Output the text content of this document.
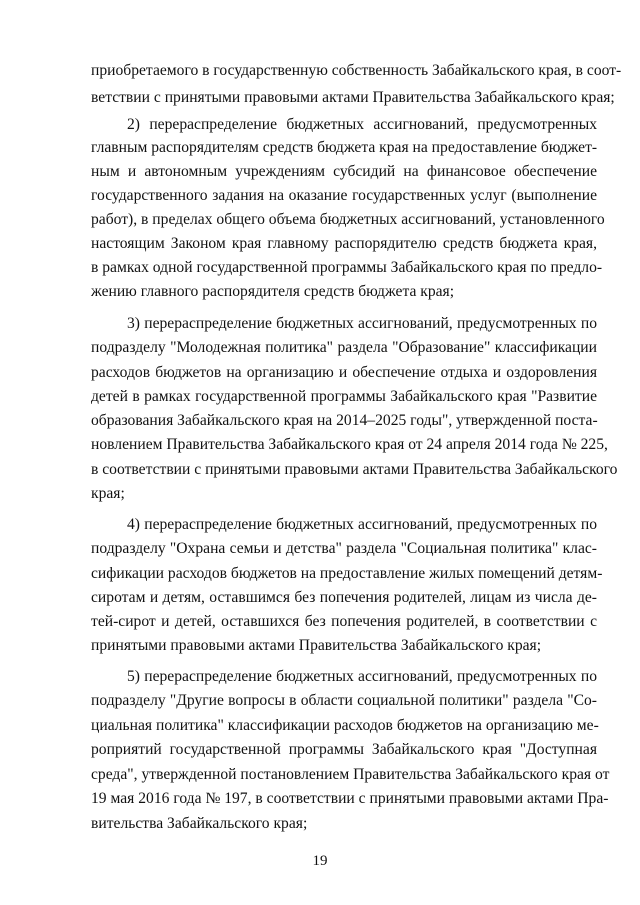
приобретаемого в государственную собственность Забайкальского края, в соот-
ветствии с принятыми правовыми актами Правительства Забайкальского края;
2) перераспределение бюджетных ассигнований, предусмотренных
главным распорядителям средств бюджета края на предоставление бюджет-
ным и автономным учреждениям субсидий на финансовое обеспечение
государственного задания на оказание государственных услуг (выполнение
работ), в пределах общего объема бюджетных ассигнований, установленного
настоящим Законом края главному распорядителю средств бюджета края,
в рамках одной государственной программы Забайкальского края по предло-
жению главного распорядителя средств бюджета края;
3) перераспределение бюджетных ассигнований, предусмотренных по
подразделу "Молодежная политика" раздела "Образование" классификации
расходов бюджетов на организацию и обеспечение отдыха и оздоровления
детей в рамках государственной программы Забайкальского края "Развитие
образования Забайкальского края на 2014–2025 годы", утвержденной поста-
новлением Правительства Забайкальского края от 24 апреля 2014 года № 225,
в соответствии с принятыми правовыми актами Правительства Забайкальского
края;
4) перераспределение бюджетных ассигнований, предусмотренных по
подразделу "Охрана семьи и детства" раздела "Социальная политика" клас-
сификации расходов бюджетов на предоставление жилых помещений детям-
сиротам и детям, оставшимся без попечения родителей, лицам из числа де-
тей-сирот и детей, оставшихся без попечения родителей, в соответствии с
принятыми правовыми актами Правительства Забайкальского края;
5) перераспределение бюджетных ассигнований, предусмотренных по
подразделу "Другие вопросы в области социальной политики" раздела "Со-
циальная политика" классификации расходов бюджетов на организацию ме-
роприятий государственной программы Забайкальского края "Доступная
среда", утвержденной постановлением Правительства Забайкальского края от
19 мая 2016 года № 197, в соответствии с принятыми правовыми актами Пра-
вительства Забайкальского края;
19
